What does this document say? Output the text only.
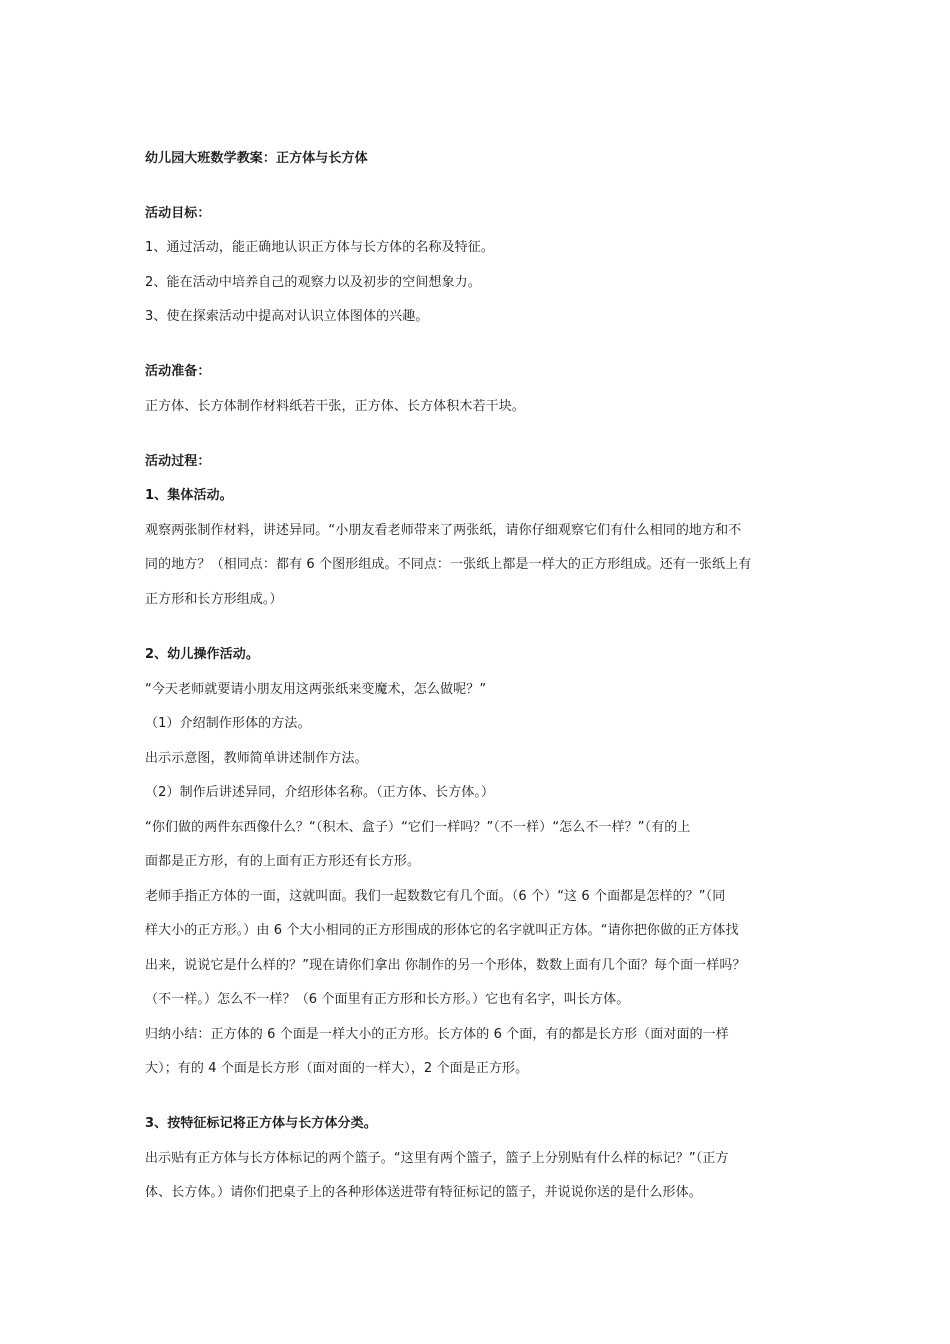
幼儿园大班数学教案：正方体与长方体
活动目标：
1、通过活动，能正确地认识正方体与长方体的名称及特征。
2、能在活动中培养自己的观察力以及初步的空间想象力。
3、使在探索活动中提高对认识立体图体的兴趣。
活动准备：
正方体、长方体制作材料纸若干张，正方体、长方体积木若干块。
活动过程：
1、集体活动。
观察两张制作材料，讲述异同。“小朋友看老师带来了两张纸，请你仔细观察它们有什么相同的地方和不
同的地方？（相同点：都有 6 个图形组成。不同点：一张纸上都是一样大的正方形组成。还有一张纸上有
正方形和长方形组成。）
2、幼儿操作活动。
“今天老师就要请小朋友用这两张纸来变魔术，怎么做呢？”
（1）介绍制作形体的方法。
出示示意图，教师简单讲述制作方法。
（2）制作后讲述异同，介绍形体名称。（正方体、长方体。）
“你们做的两件东西像什么？“（积木、盒子）“它们一样吗？”（不一样）“怎么不一样？”（有的上
面都是正方形，有的上面有正方形还有长方形。
老师手指正方体的一面，这就叫面。我们一起数数它有几个面。（6 个）“这 6 个面都是怎样的？”（同
样大小的正方形。）由 6 个大小相同的正方形围成的形体它的名字就叫正方体。“请你把你做的正方体找
出来，说说它是什么样的？”现在请你们拿出 你制作的另一个形体，数数上面有几个面？每个面一样吗？
（不一样。）怎么不一样？（6 个面里有正方形和长方形。）它也有名字，叫长方体。
归纳小结：正方体的 6 个面是一样大小的正方形。长方体的 6 个面，有的都是长方形（面对面的一样
大）；有的 4 个面是长方形（面对面的一样大），2 个面是正方形。
3、按特征标记将正方体与长方体分类。
出示贴有正方体与长方体标记的两个篮子。“这里有两个篮子，篮子上分别贴有什么样的标记？”（正方
体、长方体。）请你们把桌子上的各种形体送进带有特征标记的篮子，并说说你送的是什么形体。
